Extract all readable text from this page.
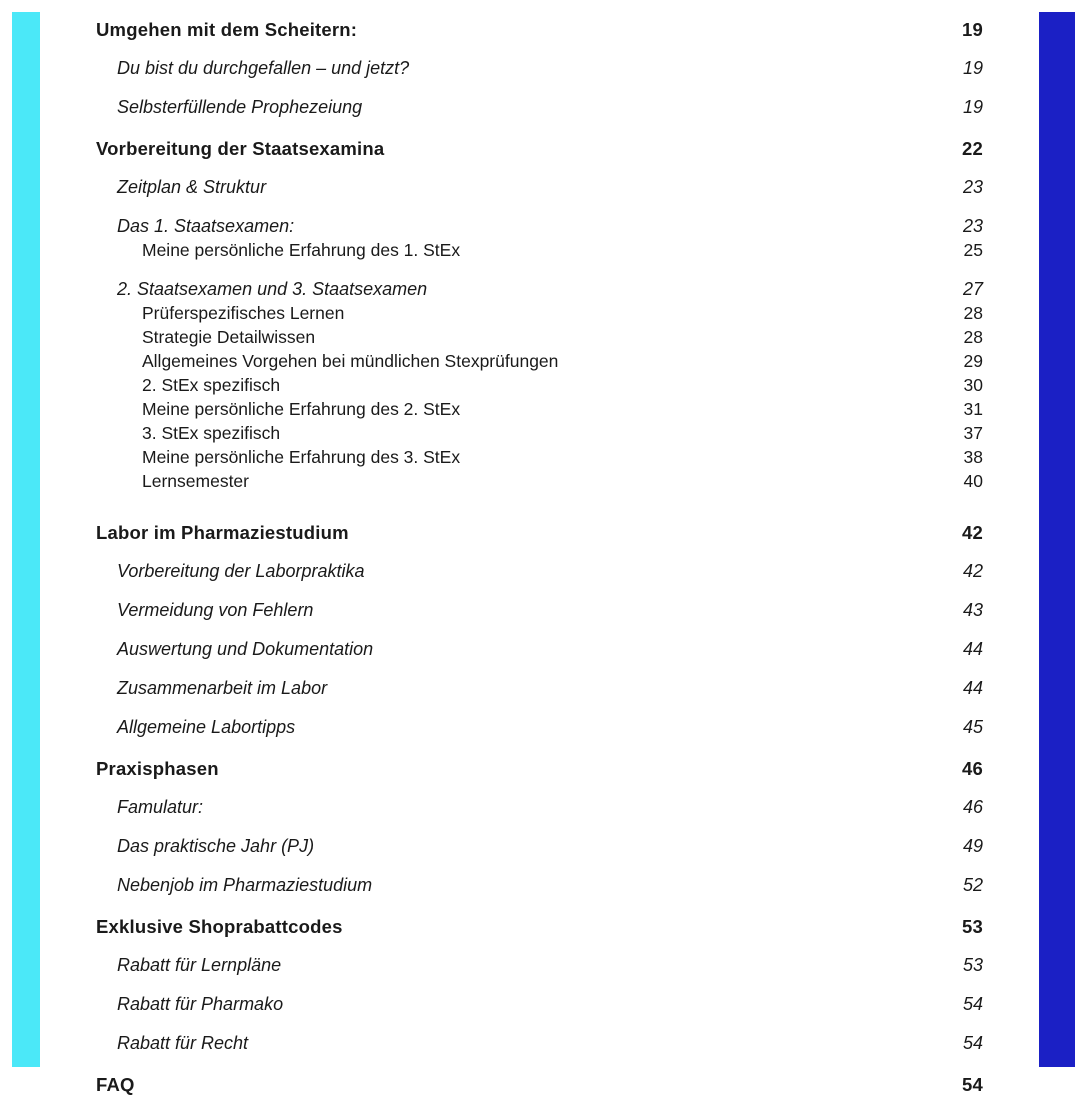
Umgehen mit dem Scheitern:	19
Du bist du durchgefallen – und jetzt?	19
Selbsterfüllende Prophezeiung	19
Vorbereitung der Staatsexamina	22
Zeitplan & Struktur	23
Das 1. Staatsexamen:	23
Meine persönliche Erfahrung des 1. StEx	25
2. Staatsexamen und 3. Staatsexamen	27
Prüferspezifisches Lernen	28
Strategie Detailwissen	28
Allgemeines Vorgehen bei mündlichen Stexprüfungen	29
2. StEx spezifisch	30
Meine persönliche Erfahrung des 2. StEx	31
3. StEx spezifisch	37
Meine persönliche Erfahrung des 3. StEx	38
Lernsemester	40
Labor im Pharmaziestudium	42
Vorbereitung der Laborpraktika	42
Vermeidung von Fehlern	43
Auswertung und Dokumentation	44
Zusammenarbeit im Labor	44
Allgemeine Labortipps	45
Praxisphasen	46
Famulatur:	46
Das praktische Jahr (PJ)	49
Nebenjob im Pharmaziestudium	52
Exklusive Shoprabattcodes	53
Rabatt für Lernpläne	53
Rabatt für Pharmako	54
Rabatt für Recht	54
FAQ	54
